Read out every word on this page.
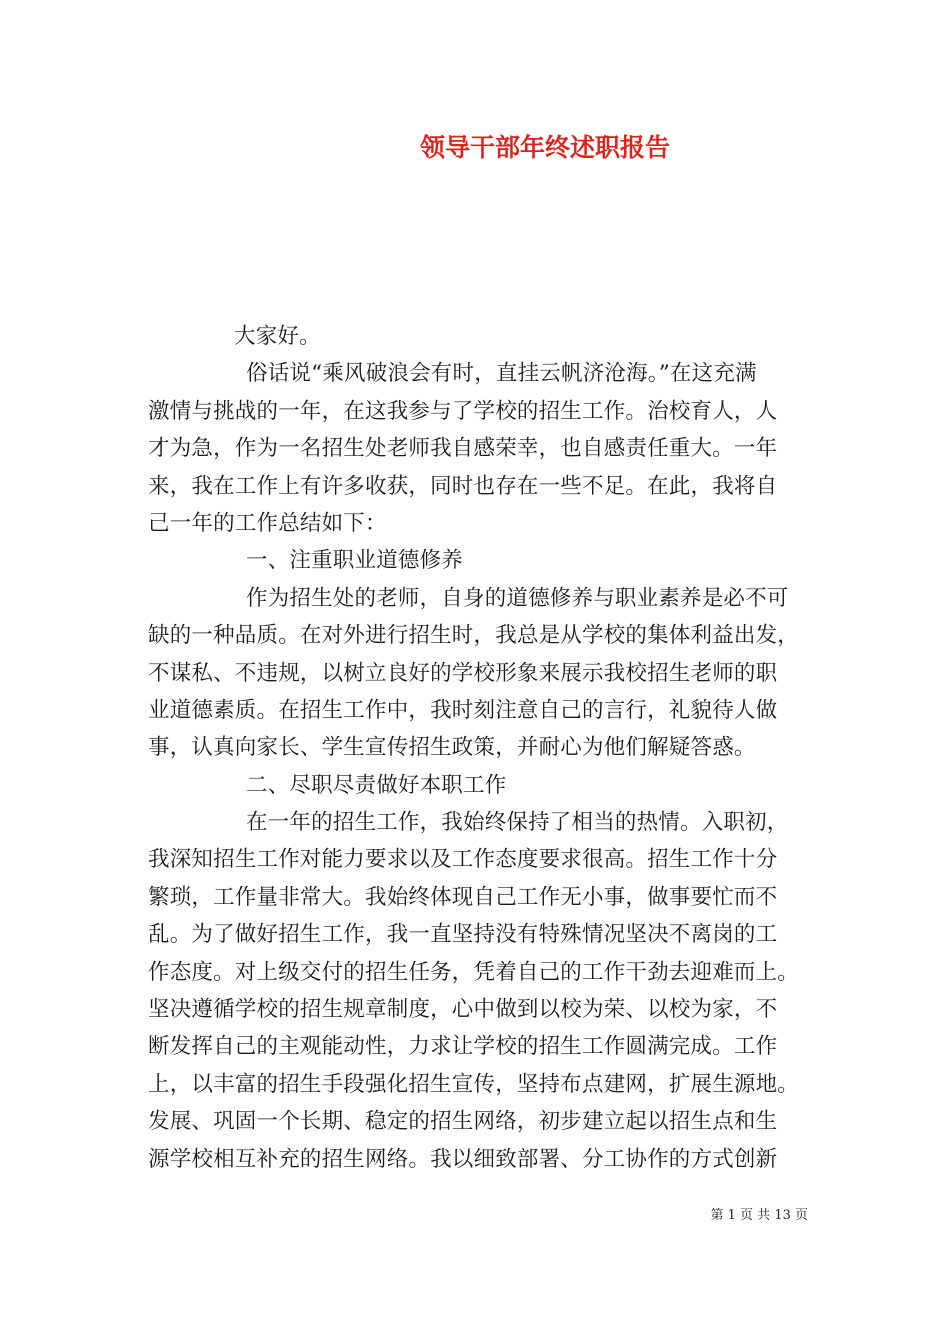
领导干部年终述职报告

大家好。

俗话说“乘风破浪会有时，直挂云帆济沧海。”在这充满

激情与挑战的一年，在这我参与了学校的招生工作。治校育人，人

才为急，作为一名招生处老师我自感荣幸，也自感责任重大。一年

来，我在工作上有许多收获，同时也存在一些不足。在此，我将自

己一年的工作总结如下：

一、注重职业道德修养

作为招生处的老师，自身的道德修养与职业素养是必不可

缺的一种品质。在对外进行招生时，我总是从学校的集体利益出发，

不谋私、不违规，以树立良好的学校形象来展示我校招生老师的职

业道德素质。在招生工作中，我时刻注意自己的言行，礼貌待人做

事，认真向家长、学生宣传招生政策，并耐心为他们解疑答惑。

二、尽职尽责做好本职工作

在一年的招生工作，我始终保持了相当的热情。入职初，

我深知招生工作对能力要求以及工作态度要求很高。招生工作十分

繁琐，工作量非常大。我始终体现自己工作无小事，做事要忙而不

乱。为了做好招生工作，我一直坚持没有特殊情况坚决不离岗的工

作态度。对上级交付的招生任务，凭着自己的工作干劲去迎难而上。

坚决遵循学校的招生规章制度，心中做到以校为荣、以校为家，不

断发挥自己的主观能动性，力求让学校的招生工作圆满完成。工作

上，以丰富的招生手段强化招生宣传，坚持布点建网，扩展生源地。

发展、巩固一个长期、稳定的招生网络，初步建立起以招生点和生

源学校相互补充的招生网络。我以细致部署、分工协作的方式创新

第 1 页 共 13 页
